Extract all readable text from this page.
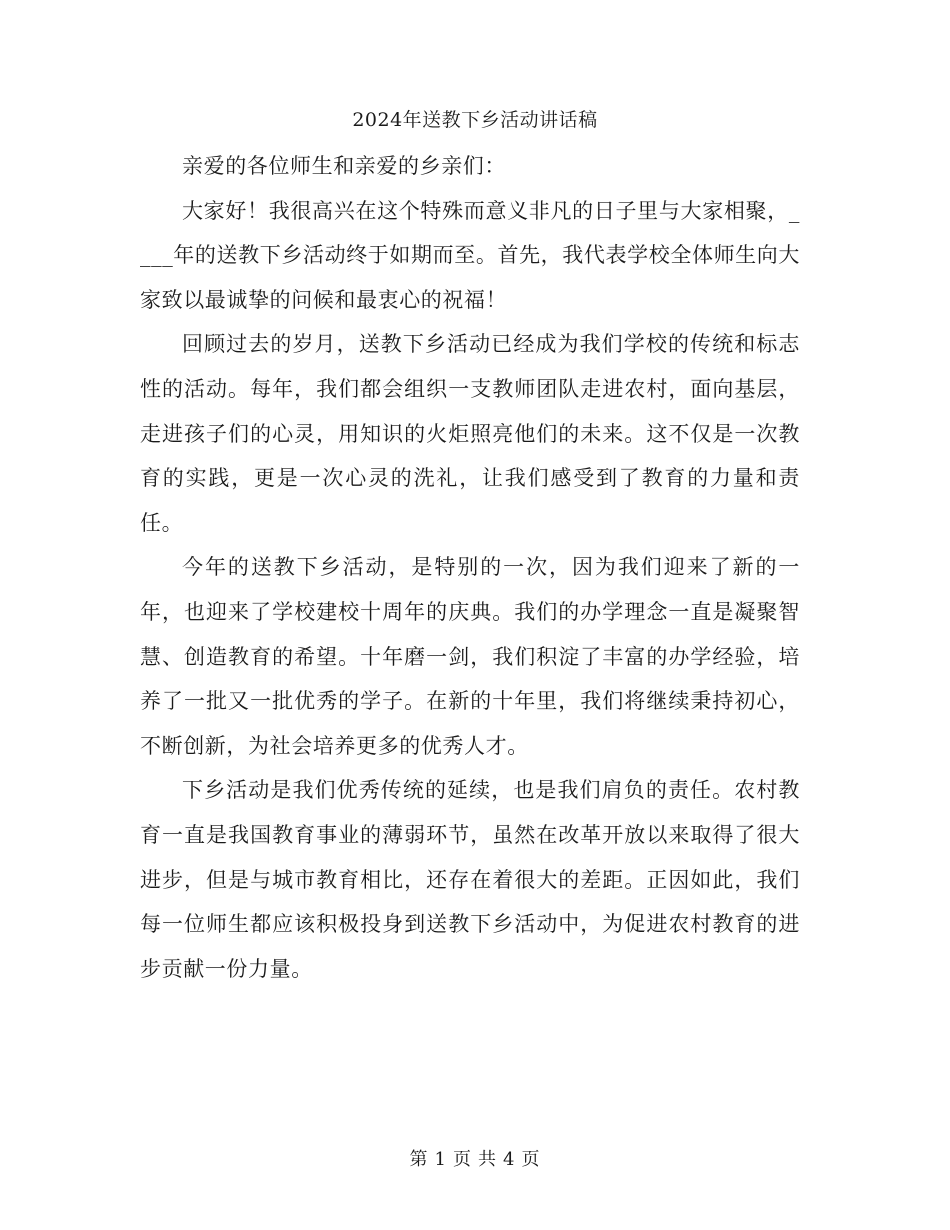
2024年送教下乡活动讲话稿

亲爱的各位师生和亲爱的乡亲们：

大家好！我很高兴在这个特殊而意义非凡的日子里与大家相聚，____年的送教下乡活动终于如期而至。首先，我代表学校全体师生向大家致以最诚挚的问候和最衷心的祝福！

回顾过去的岁月，送教下乡活动已经成为我们学校的传统和标志性的活动。每年，我们都会组织一支教师团队走进农村，面向基层，走进孩子们的心灵，用知识的火炬照亮他们的未来。这不仅是一次教育的实践，更是一次心灵的洗礼，让我们感受到了教育的力量和责任。

今年的送教下乡活动，是特别的一次，因为我们迎来了新的一年，也迎来了学校建校十周年的庆典。我们的办学理念一直是凝聚智慧、创造教育的希望。十年磨一剑，我们积淀了丰富的办学经验，培养了一批又一批优秀的学子。在新的十年里，我们将继续秉持初心，不断创新，为社会培养更多的优秀人才。

下乡活动是我们优秀传统的延续，也是我们肩负的责任。农村教育一直是我国教育事业的薄弱环节，虽然在改革开放以来取得了很大进步，但是与城市教育相比，还存在着很大的差距。正因如此，我们每一位师生都应该积极投身到送教下乡活动中，为促进农村教育的进步贡献一份力量。

第 1 页 共 4 页
